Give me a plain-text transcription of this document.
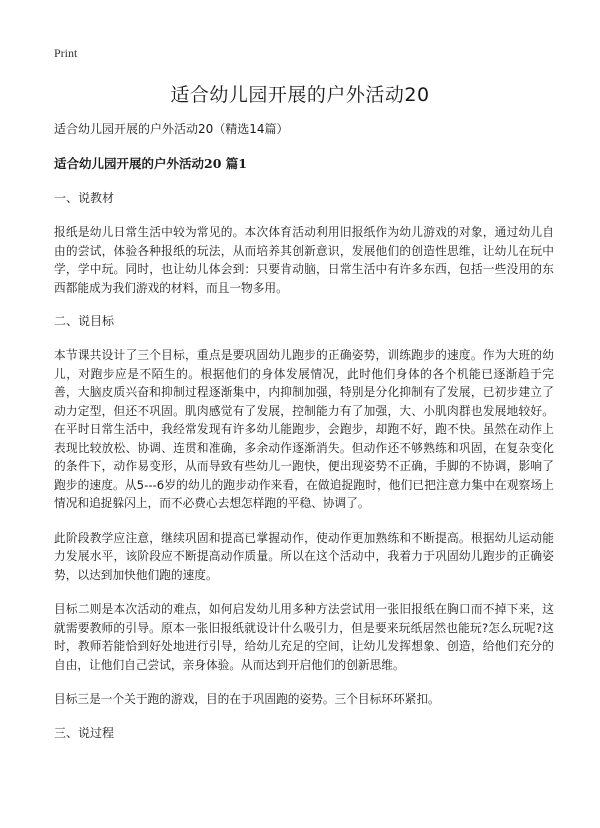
Print
适合幼儿园开展的户外活动20
适合幼儿园开展的户外活动20（精选14篇）
适合幼儿园开展的户外活动20 篇1
一、说教材

报纸是幼儿日常生活中较为常见的。本次体育活动利用旧报纸作为幼儿游戏的对象，通过幼儿自由的尝试，体验各种报纸的玩法，从而培养其创新意识，发展他们的创造性思维，让幼儿在玩中学，学中玩。同时，也让幼儿体会到：只要肯动脑，日常生活中有许多东西，包括一些没用的东西都能成为我们游戏的材料，而且一物多用。

二、说目标

本节课共设计了三个目标，重点是要巩固幼儿跑步的正确姿势，训练跑步的速度。作为大班的幼儿，对跑步应是不陌生的。根据他们的身体发展情况，此时他们身体的各个机能已逐渐趋于完善，大脑皮质兴奋和抑制过程逐渐集中，内抑制加强，特别是分化抑制有了发展，已初步建立了动力定型，但还不巩固。肌肉感觉有了发展，控制能力有了加强，大、小肌肉群也发展地较好。在平时日常生活中，我经常发现有许多幼儿能跑步，会跑步，却跑不好，跑不快。虽然在动作上表现比较放松、协调、连贯和准确，多余动作逐渐消失。但动作还不够熟练和巩固，在复杂变化的条件下，动作易变形，从而导致有些幼儿一跑快，便出现姿势不正确，手脚的不协调，影响了跑步的速度。从5---6岁的幼儿的跑步动作来看，在做追捉跑时，他们已把注意力集中在观察场上情况和追捉躲闪上，而不必费心去想怎样跑的平稳、协调了。

此阶段教学应注意，继续巩固和提高已掌握动作，使动作更加熟练和不断提高。根据幼儿运动能力发展水平，该阶段应不断提高动作质量。所以在这个活动中，我着力于巩固幼儿跑步的正确姿势，以达到加快他们跑的速度。

目标二则是本次活动的难点，如何启发幼儿用多种方法尝试用一张旧报纸在胸口而不掉下来，这就需要教师的引导。原本一张旧报纸就设计什么吸引力，但是要来玩纸居然也能玩?怎么玩呢?这时，教师若能恰到好处地进行引导，给幼儿充足的空间，让幼儿发挥想象、创造，给他们充分的自由，让他们自己尝试，亲身体验。从而达到开启他们的创新思维。

目标三是一个关于跑的游戏，目的在于巩固跑的姿势。三个目标环环紧扣。

三、说过程
